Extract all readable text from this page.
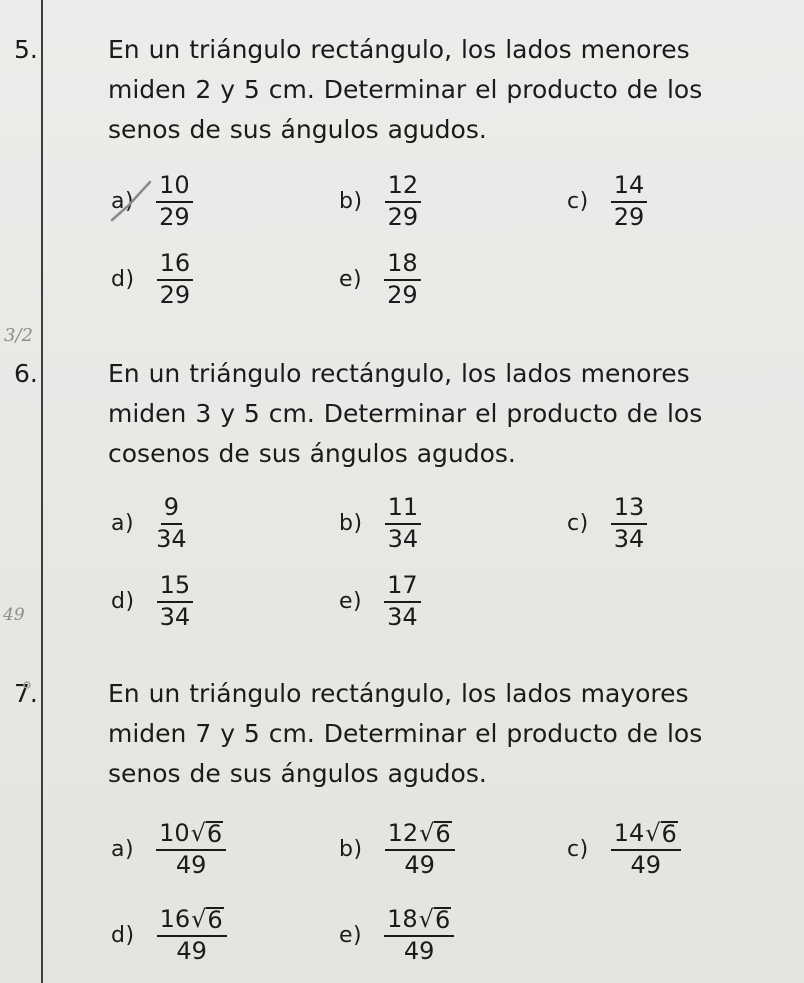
5.	En un triángulo rectángulo, los lados menores
miden 2 y 5 cm. Determinar el producto de los
senos de sus ángulos agudos.
$a) \frac{10}{29}$	$b) \frac{12}{29}$	$c) \frac{14}{29}$
$d) \frac{16}{29}$	$e) \frac{18}{29}$
6.	En un triángulo rectángulo, los lados menores
miden 3 y 5 cm. Determinar el producto de los
cosenos de sus ángulos agudos.
$a) \frac{9}{34}$	$b) \frac{11}{34}$	$c) \frac{13}{34}$
$d) \frac{15}{34}$	$e) \frac{17}{34}$
7.	En un triángulo rectángulo, los lados mayores
miden 7 y 5 cm. Determinar el producto de los
senos de sus ángulos agudos.
$a) \frac{10 √ 6}{49}$	$b) \frac{12 √ 6}{49}$	$c) \frac{14 √ 6}{49}$
$d) \frac{16 √ 6}{49}$	$e) \frac{18 √ 6}{49}$
3/2
49
